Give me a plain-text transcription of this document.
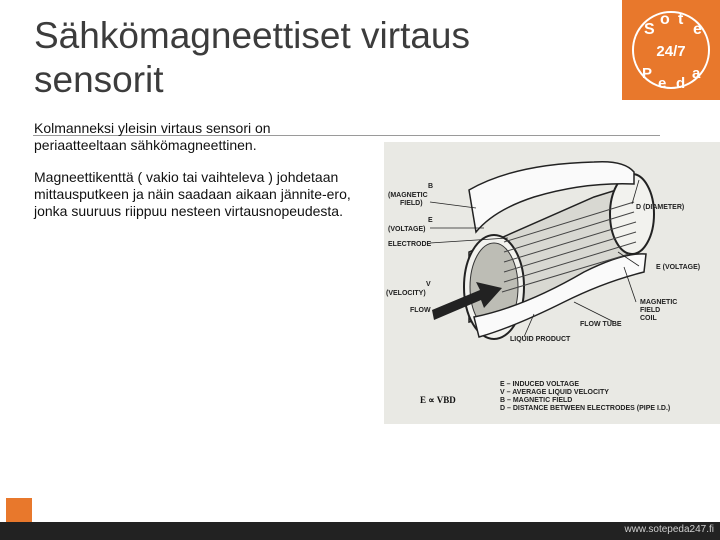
Sähkömagneettiset virtaus
sensorit
S
o t
e
24/7
P
e d
a

Kolmanneksi yleisin virtaus sensori on periaatteeltaan sähkömagneettinen.

Magneettikenttä ( vakio tai vaihteleva ) johdetaan mittausputkeen ja näin saadaan aikaan jännite-ero, jonka suuruus riippuu nesteen virtausnopeudesta.

B
(MAGNETIC
FIELD)
E
(VOLTAGE)
ELECTRODE
V
(VELOCITY)
FLOW
D (DIAMETER)
E (VOLTAGE)
MAGNETIC
FIELD
COIL
FLOW TUBE
LIQUID PRODUCT
E ∝ VBD
E – INDUCED VOLTAGE
V – AVERAGE LIQUID VELOCITY
B – MAGNETIC FIELD
D – DISTANCE BETWEEN ELECTRODES (PIPE I.D.)
www.sotepeda247.fi
